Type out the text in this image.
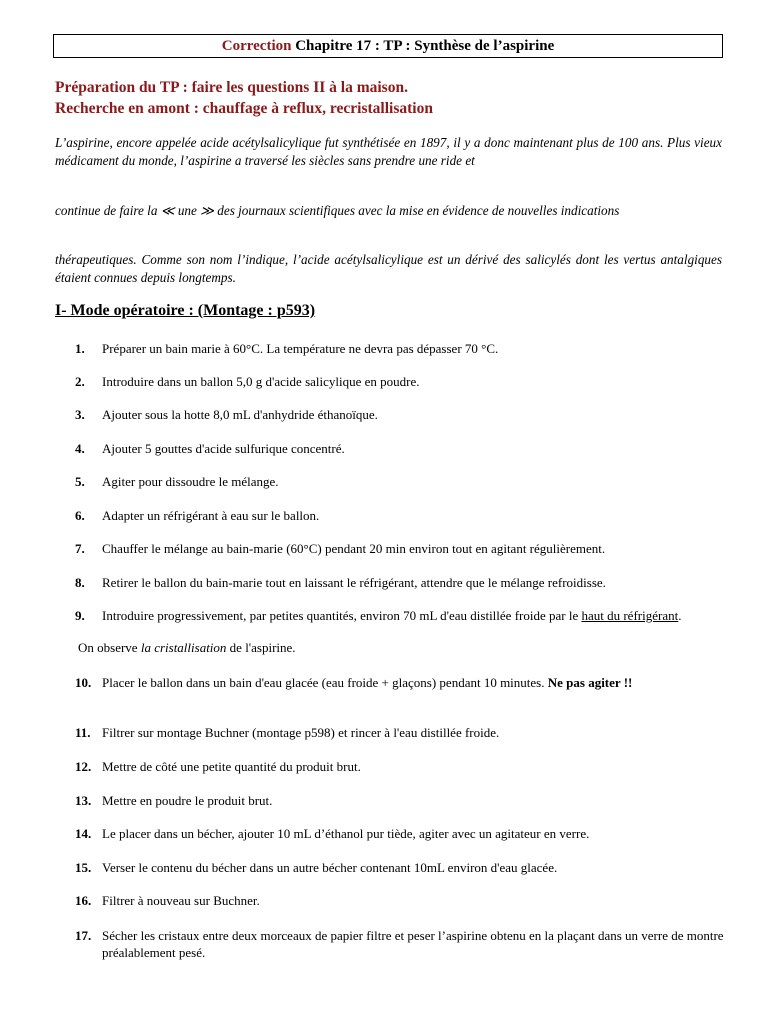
Correction Chapitre 17 : TP : Synthèse de l’aspirine
Préparation du TP : faire les questions II à la maison.
Recherche en amont : chauffage à reflux, recristallisation
L’aspirine, encore appelée acide acétylsalicylique fut synthétisée en 1897, il y a donc maintenant plus de 100 ans. Plus vieux médicament du monde, l’aspirine a traversé les siècles sans prendre une ride et
continue de faire la ≪ une ≫ des journaux scientifiques avec la mise en évidence de nouvelles indications
thérapeutiques. Comme son nom l’indique, l’acide acétylsalicylique est un dérivé des salicylés dont les vertus antalgiques étaient connues depuis longtemps.
I- Mode opératoire : (Montage : p593)
1.	Préparer un bain marie à 60°C. La température ne devra pas dépasser 70 °C.
2.	Introduire dans un ballon 5,0 g d'acide salicylique en poudre.
3.	Ajouter sous la hotte 8,0 mL d'anhydride éthanoïque.
4.	Ajouter 5 gouttes d'acide sulfurique concentré.
5.	Agiter pour dissoudre le mélange.
6.	Adapter un réfrigérant à eau sur le ballon.
7.	Chauffer le mélange au bain-marie (60°C) pendant 20 min environ tout en agitant régulièrement.
8.	Retirer le ballon du bain-marie tout en laissant le réfrigérant, attendre que le mélange refroidisse.
9.	Introduire progressivement, par petites quantités, environ 70 mL d'eau distillée froide par le haut du réfrigérant.
10. Placer le ballon dans un bain d'eau glacée (eau froide + glaçons) pendant 10 minutes. Ne pas agiter !!
11. Filtrer sur montage Buchner (montage p598) et rincer à l'eau distillée froide.
12. Mettre de côté une petite quantité du produit brut.
13. Mettre en poudre le produit brut.
14. Le placer dans un bécher, ajouter 10 mL d’éthanol pur tiède, agiter avec un agitateur en verre.
15. Verser le contenu du bécher dans un autre bécher contenant 10mL environ d'eau glacée.
16. Filtrer à nouveau sur Buchner.
17. Sécher les cristaux entre deux morceaux de papier filtre et peser l’aspirine obtenu en la plaçant dans un verre de montre préalablement pesé.
On observe la cristallisation de l'aspirine.
